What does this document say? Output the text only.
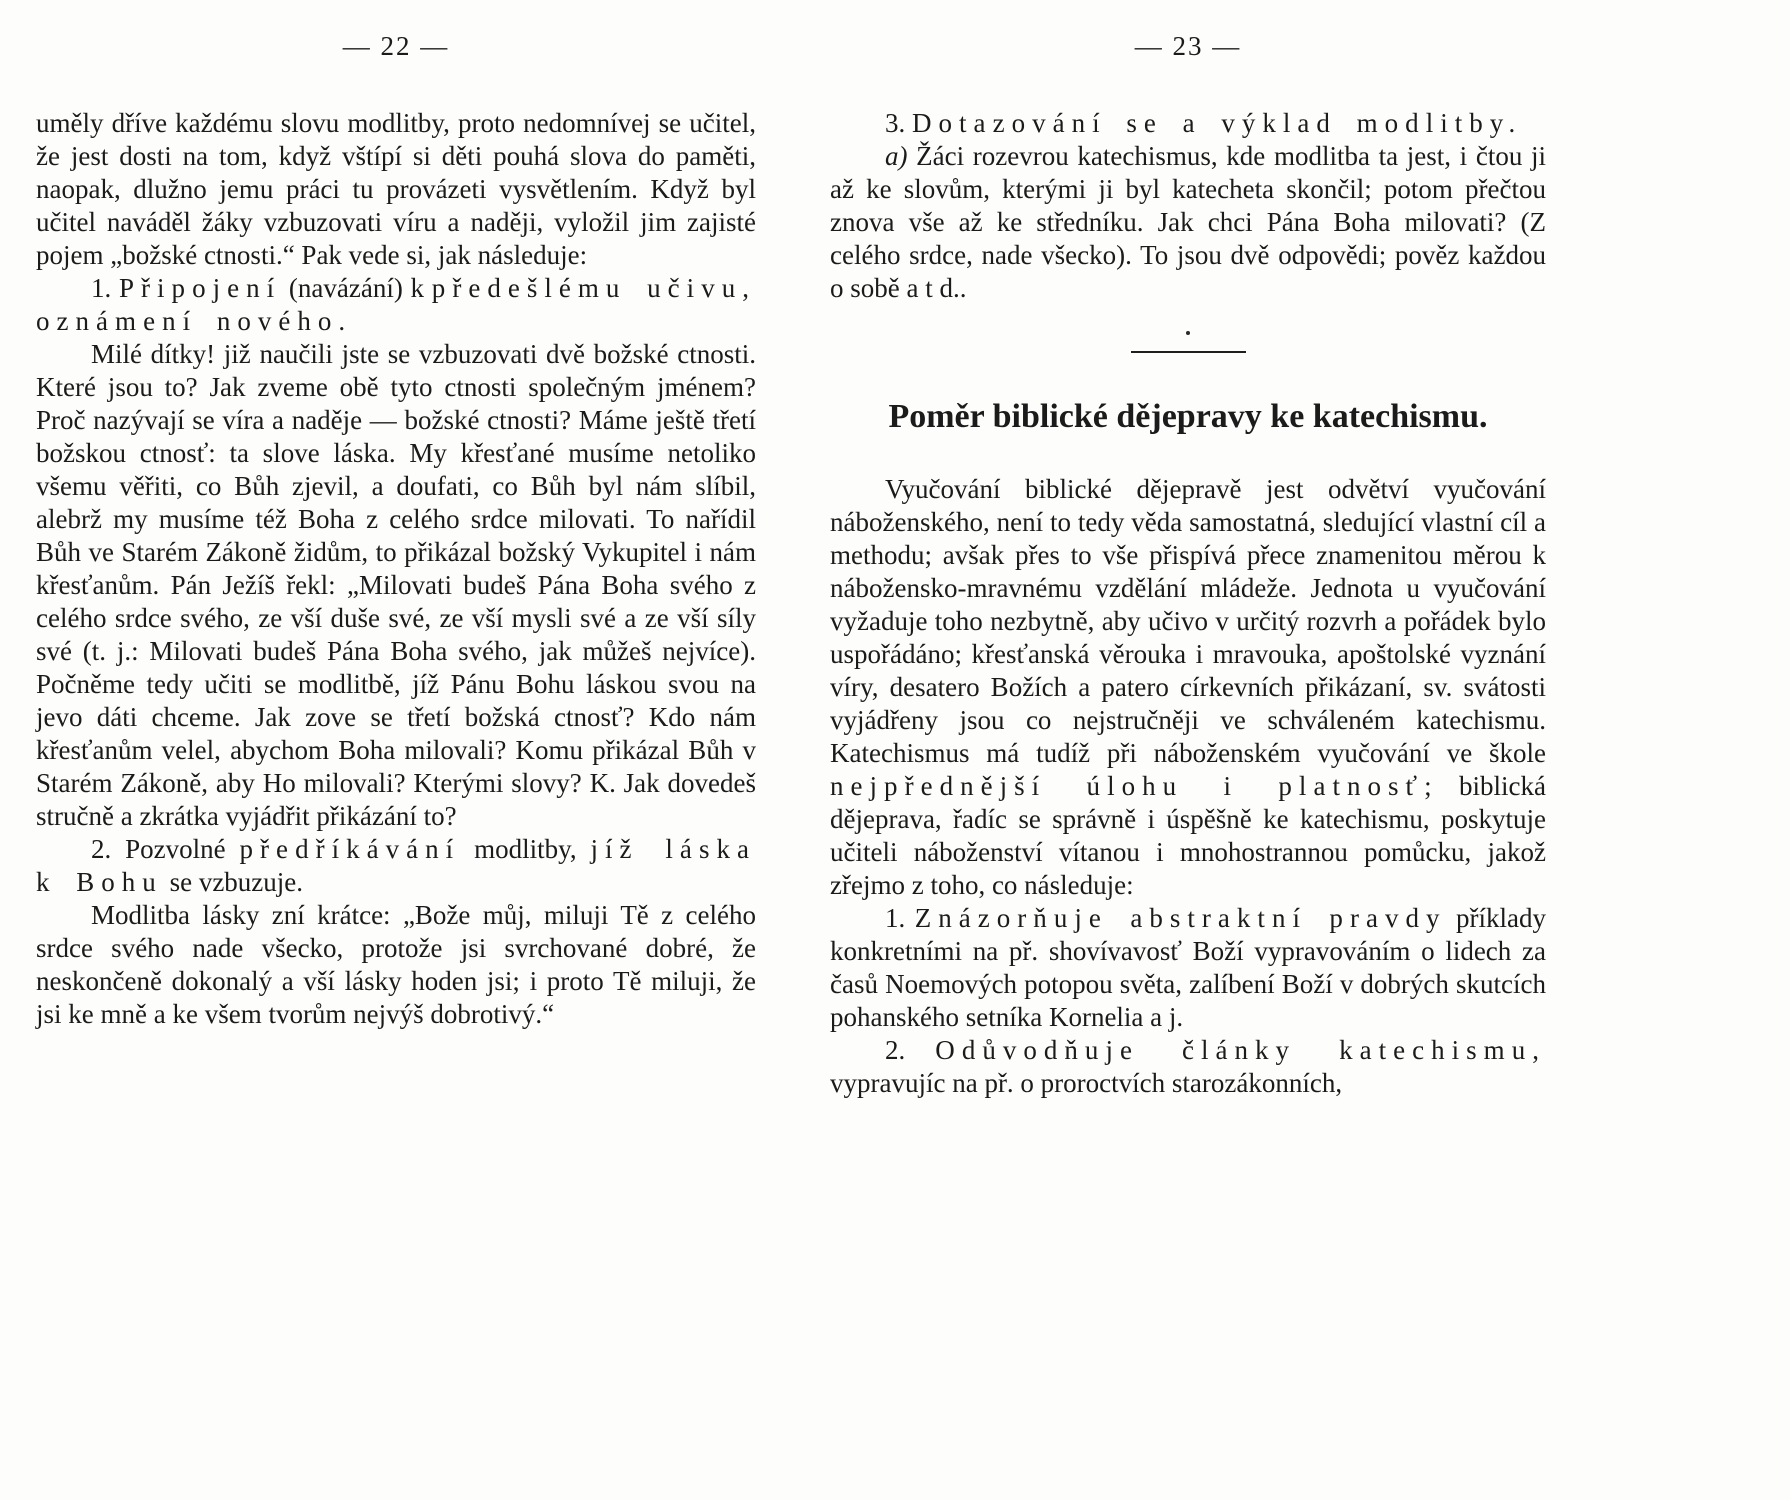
— 22 —

uměly dříve každému slovu modlitby, proto nedomnívej se učitel, že jest dosti na tom, když vštípí si děti pouhá slova do paměti, naopak, dlužno jemu práci tu provázeti vysvětlením. Když byl učitel naváděl žáky vzbuzovati víru a naději, vyložil jim zajisté pojem „božské ctnosti.“ Pak vede si, jak následuje:

1. Připojení (navázání) k předešlému učivu, oznámení nového.

Milé dítky! již naučili jste se vzbuzovati dvě božské ctnosti. Které jsou to? Jak zveme obě tyto ctnosti společným jménem? Proč nazývají se víra a naděje — božské ctnosti? Máme ještě třetí božskou ctnosť: ta slove láska. My křesťané musíme netoliko všemu věřiti, co Bůh zjevil, a doufati, co Bůh byl nám slíbil, alebrž my musíme též Boha z celého srdce milovati. To nařídil Bůh ve Starém Zákoně židům, to přikázal božský Vykupitel i nám křesťanům. Pán Ježíš řekl: „Milovati budeš Pána Boha svého z celého srdce svého, ze vší duše své, ze vší mysli své a ze vší síly své (t. j.: Milovati budeš Pána Boha svého, jak můžeš nejvíce). Počněme tedy učiti se modlitbě, jíž Pánu Bohu láskou svou na jevo dáti chceme. Jak zove se třetí božská ctnosť? Kdo nám křesťanům velel, abychom Boha milovali? Komu přikázal Bůh v Starém Zákoně, aby Ho milovali? Kterými slovy? K. Jak dovedeš stručně a zkrátka vyjádřit přikázání to?

2. Pozvolné předříkávání modlitby, jíž láska k Bohu se vzbuzuje.

Modlitba lásky zní krátce: „Bože můj, miluji Tě z celého srdce svého nade všecko, protože jsi svrchované dobré, že neskončeně dokonalý a vší lásky hoden jsi; i proto Tě miluji, že jsi ke mně a ke všem tvorům nejvýš dobrotivý.“

— 23 —

3. Dotazování se a výklad modlitby.

a) Žáci rozevrou katechismus, kde modlitba ta jest, i čtou ji až ke slovům, kterými ji byl katecheta skončil; potom přečtou znova vše až ke středníku. Jak chci Pána Boha milovati? (Z celého srdce, nade všecko). To jsou dvě odpovědi; pověz každou o sobě a t d..

Poměr biblické dějepravy ke katechismu.

Vyučování biblické dějepravě jest odvětví vyučování náboženského, není to tedy věda samostatná, sledující vlastní cíl a methodu; avšak přes to vše přispívá přece znamenitou měrou k nábožensko-mravnému vzdělání mládeže. Jednota u vyučování vyžaduje toho nezbytně, aby učivo v určitý rozvrh a pořádek bylo uspořádáno; křesťanská věrouka i mravouka, apoštolské vyznání víry, desatero Božích a patero církevních přikázaní, sv. svátosti vyjádřeny jsou co nejstručněji ve schváleném katechismu. Katechismus má tudíž při náboženském vyučování ve škole nejpřednější úlohu i platnosť; biblická dějeprava, řadíc se správně i úspěšně ke katechismu, poskytuje učiteli náboženství vítanou i mnohostrannou pomůcku, jakož zřejmo z toho, co následuje:

1. Znázorňuje abstraktní pravdy příklady konkretními na př. shovívavosť Boží vypravováním o lidech za časů Noemových potopou světa, zalíbení Boží v dobrých skutcích pohanského setníka Kornelia a j.

2. Odůvodňuje články katechismu, vypravujíc na př. o proroctvích starozákonních,
